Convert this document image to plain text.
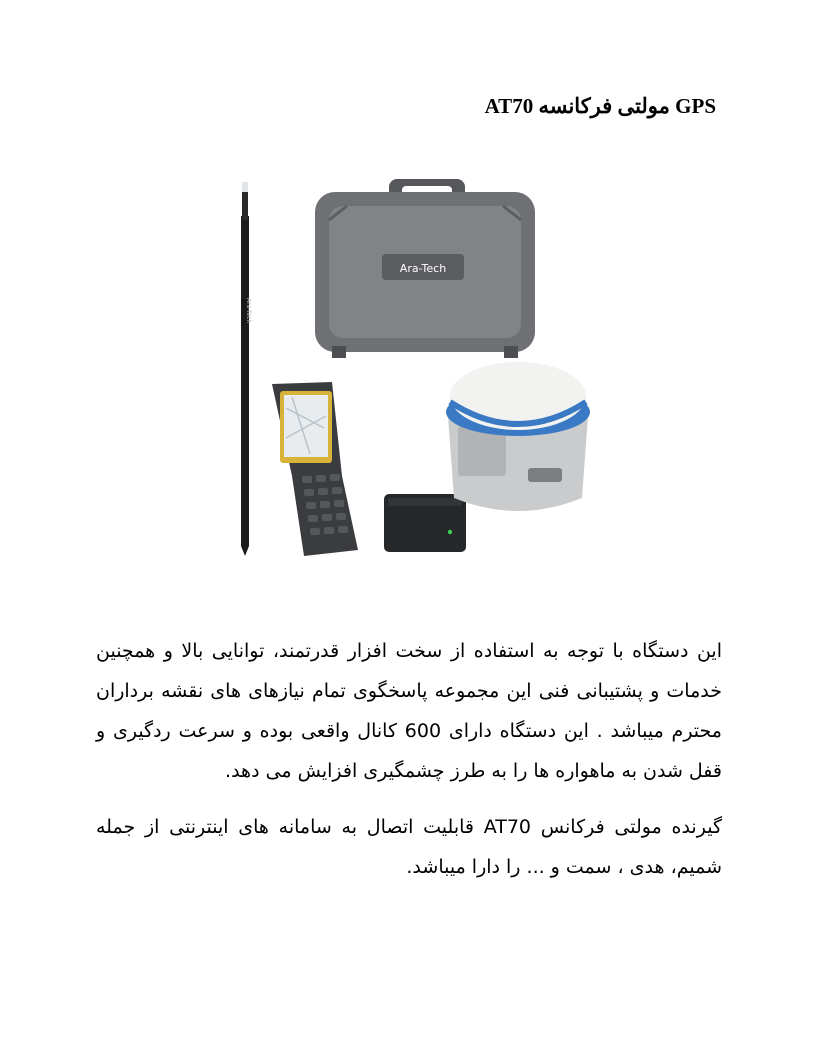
GPS مولتی فرکانسه AT70
Ara-Tech
Ara-Tech

این دستگاه با توجه به استفاده از سخت افزار قدرتمند، توانایی بالا و همچنین خدمات و پشتیبانی فنی این مجموعه پاسخگوی تمام نیازهای های نقشه برداران محترم میباشد . این دستگاه دارای 600 کانال واقعی بوده و سرعت ردگیری و قفل شدن به ماهواره ها را به طرز چشمگیری افزایش می دهد.

گیرنده مولتی فرکانس AT70 قابلیت اتصال به سامانه های اینترنتی از جمله شمیم، هدی ، سمت و ... را دارا میباشد.
